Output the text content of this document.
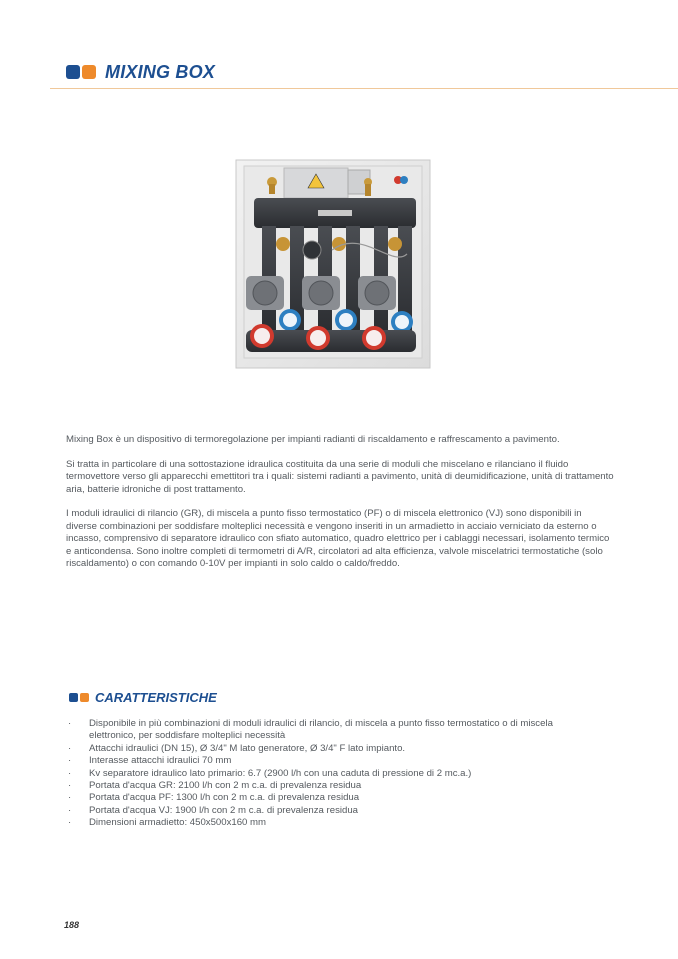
MIXING BOX

Mixing Box è un dispositivo di termoregolazione per impianti radianti di riscaldamento e raffrescamento a pavimento.

Si tratta in particolare di una sottostazione idraulica costituita da una serie di moduli che miscelano e rilanciano il fluido termovettore verso gli apparecchi emettitori tra i quali: sistemi radianti a pavimento, unità di deumidificazione, unità di trattamento aria, batterie idroniche di post trattamento.

I moduli idraulici di rilancio (GR), di miscela a punto fisso termostatico (PF) o di miscela elettronico (VJ) sono disponibili in diverse combinazioni per soddisfare molteplici necessità e vengono inseriti in un armadietto in acciaio verniciato da esterno o incasso, comprensivo di separatore idraulico con sfiato automatico, quadro elettrico per i cablaggi necessari, isolamento termico e anticondensa. Sono inoltre completi di termometri di A/R, circolatori ad alta efficienza, valvole miscelatrici termostatiche (solo riscaldamento) o con comando 0-10V per impianti in solo caldo o caldo/freddo.

CARATTERISTICHE
· Disponibile in più combinazioni di moduli idraulici di rilancio, di miscela a punto fisso termostatico o di miscela elettronico, per soddisfare molteplici necessità
· Attacchi idraulici (DN 15), Ø 3/4" M lato generatore, Ø 3/4" F lato impianto.
· Interasse attacchi idraulici 70 mm
· Kv separatore idraulico lato primario: 6.7 (2900 l/h con una caduta di pressione di 2 mc.a.)
· Portata d'acqua GR: 2100 l/h con 2 m c.a. di prevalenza residua
· Portata d'acqua PF: 1300 l/h con 2 m c.a. di prevalenza residua
· Portata d'acqua VJ: 1900 l/h con 2 m c.a. di prevalenza residua
· Dimensioni armadietto: 450x500x160 mm
188
